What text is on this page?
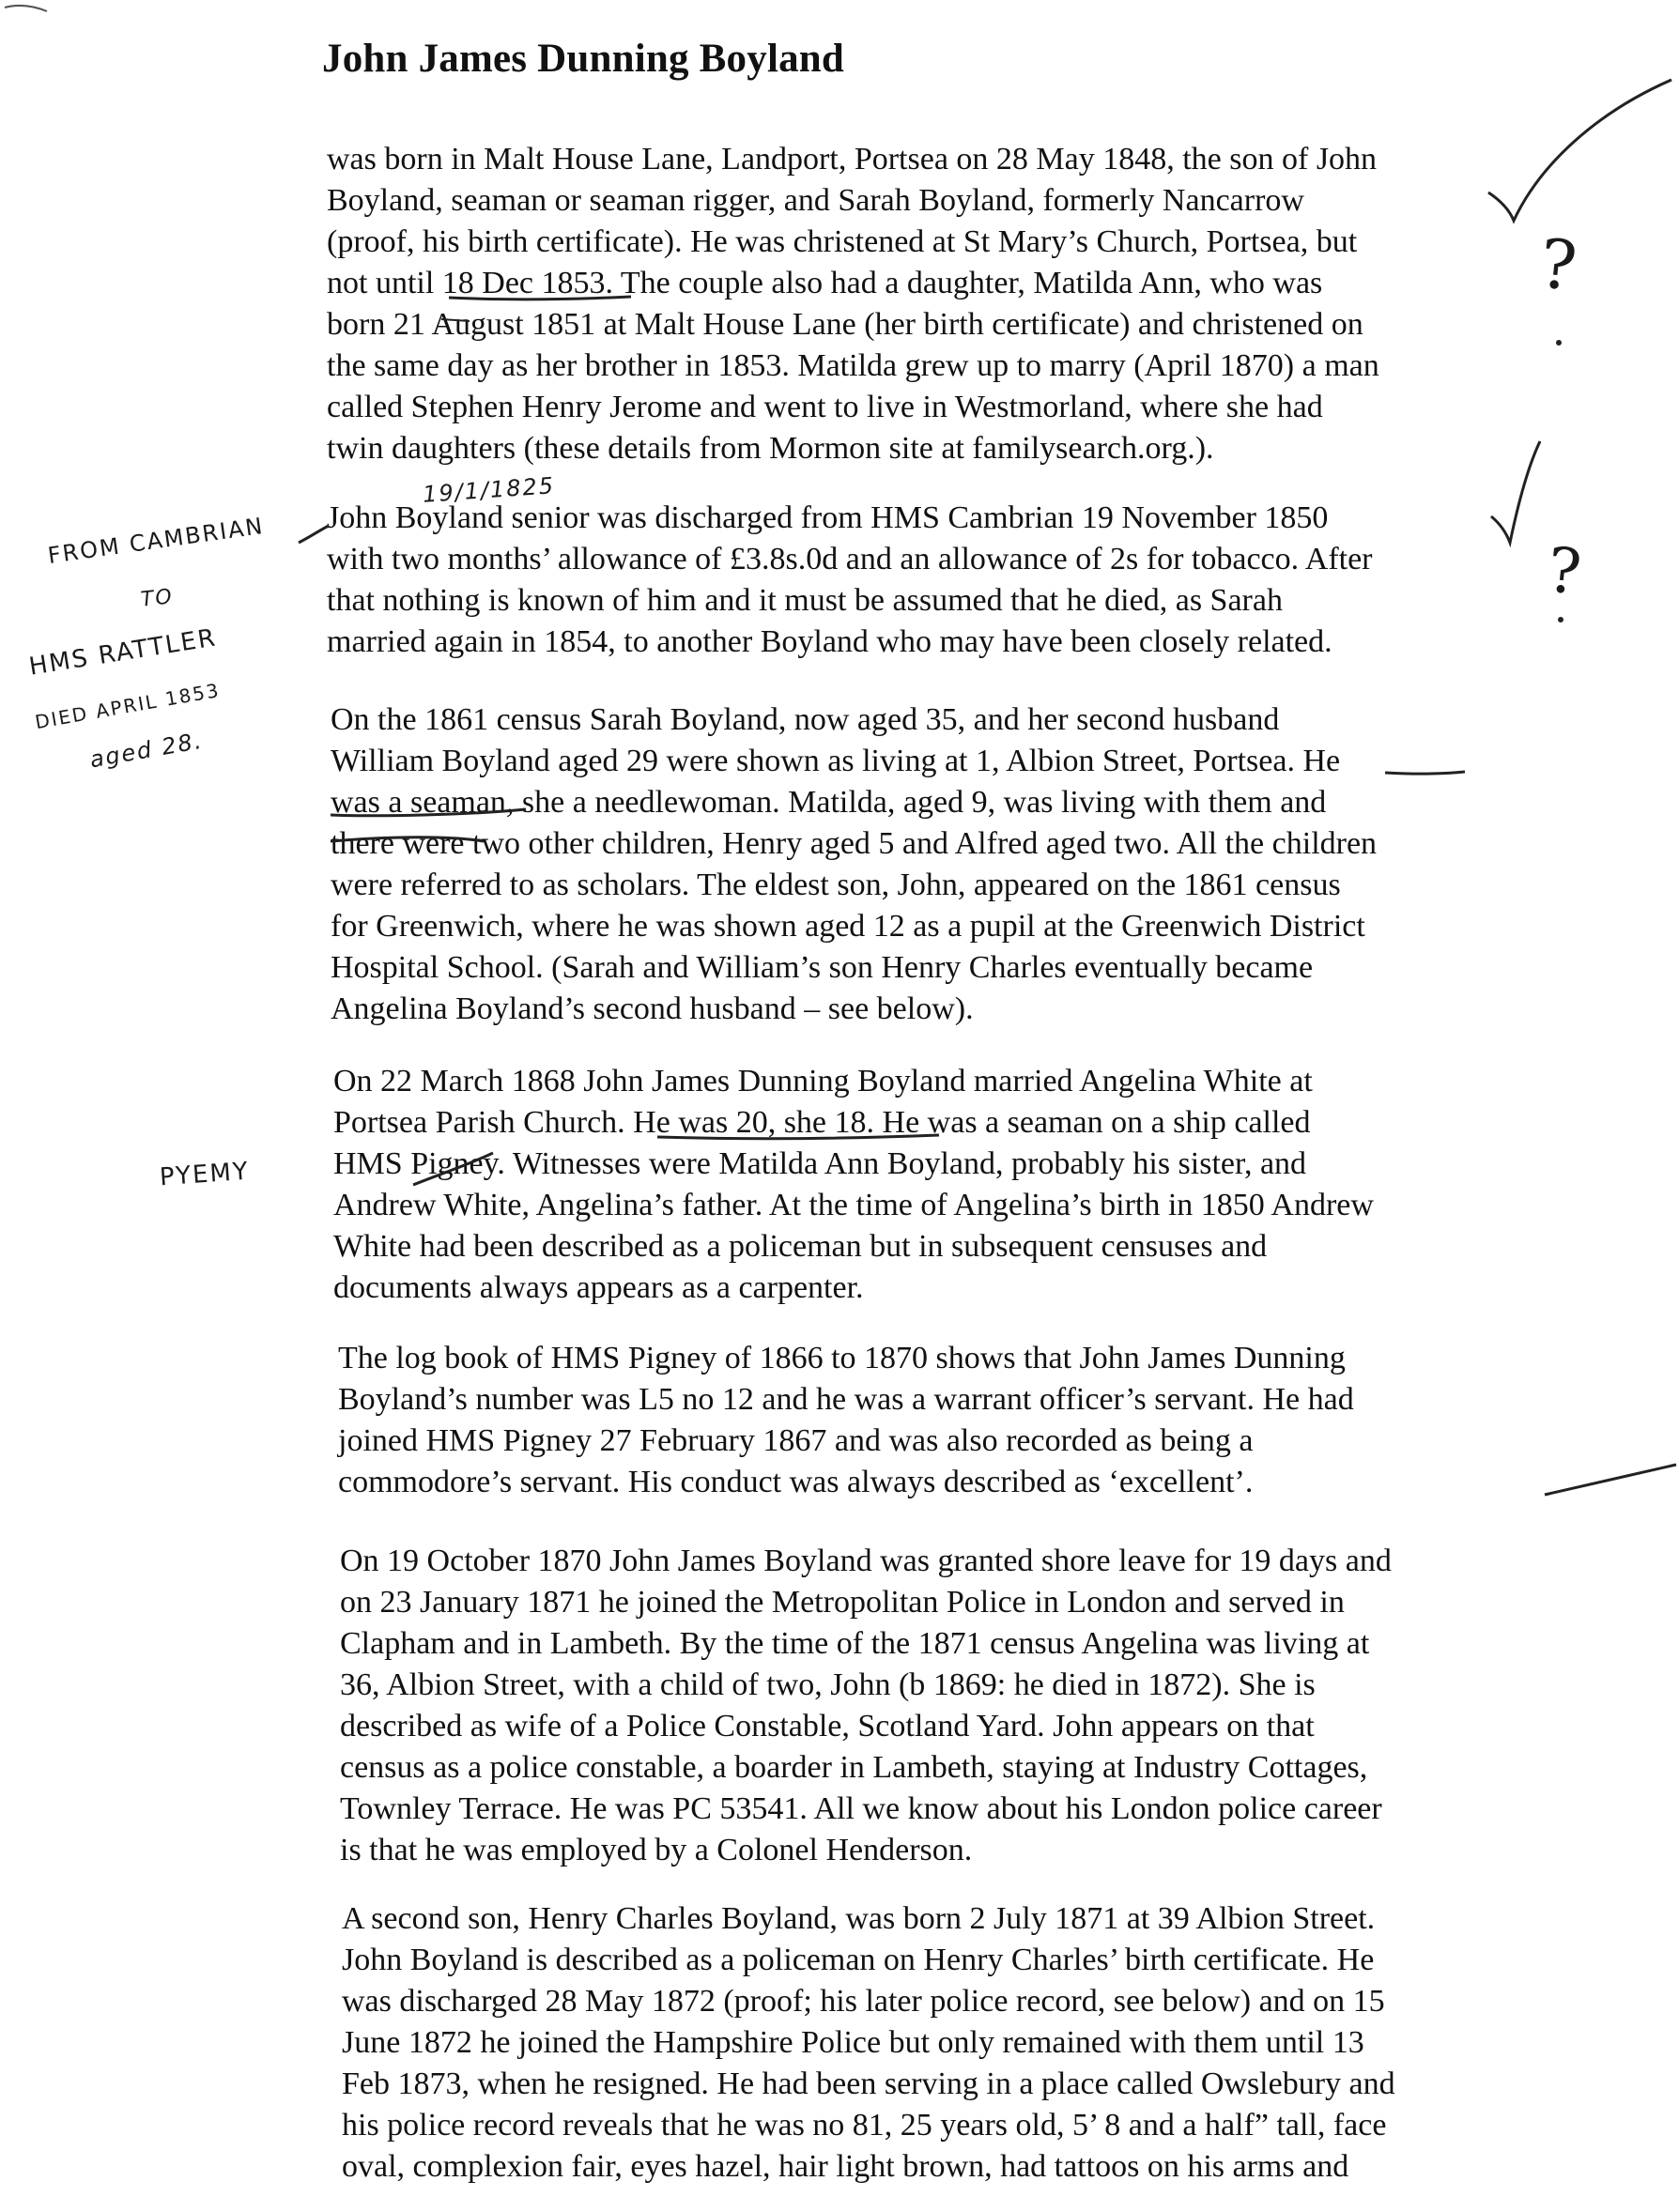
John James Dunning Boyland
was born in Malt House Lane, Landport, Portsea on 28 May 1848, the son of John
Boyland, seaman or seaman rigger, and Sarah Boyland, formerly Nancarrow
(proof, his birth certificate). He was christened at St Mary’s Church, Portsea, but
not until 18 Dec 1853. The couple also had a daughter, Matilda Ann, who was
born 21 August 1851 at Malt House Lane (her birth certificate) and christened on
the same day as her brother in 1853. Matilda grew up to marry (April 1870) a man
called Stephen Henry Jerome and went to live in Westmorland, where she had
twin daughters (these details from Mormon site at familysearch.org.).
John Boyland senior was discharged from HMS Cambrian 19 November 1850
with two months’ allowance of £3.8s.0d and an allowance of 2s for tobacco. After
that nothing is known of him and it must be assumed that he died, as Sarah
married again in 1854, to another Boyland who may have been closely related.
On the 1861 census Sarah Boyland, now aged 35, and her second husband
William Boyland aged 29 were shown as living at 1, Albion Street, Portsea. He
was a seaman, she a needlewoman. Matilda, aged 9, was living with them and
there were two other children, Henry aged 5 and Alfred aged two. All the children
were referred to as scholars. The eldest son, John, appeared on the 1861 census
for Greenwich, where he was shown aged 12 as a pupil at the Greenwich District
Hospital School. (Sarah and William’s son Henry Charles eventually became
Angelina Boyland’s second husband – see below).
On 22 March 1868 John James Dunning Boyland married Angelina White at
Portsea Parish Church. He was 20, she 18. He was a seaman on a ship called
HMS Pigney. Witnesses were Matilda Ann Boyland, probably his sister, and
Andrew White, Angelina’s father. At the time of Angelina’s birth in 1850 Andrew
White had been described as a policeman but in subsequent censuses and
documents always appears as a carpenter.
The log book of HMS Pigney of 1866 to 1870 shows that John James Dunning
Boyland’s number was L5 no 12 and he was a warrant officer’s servant. He had
joined HMS Pigney 27 February 1867 and was also recorded as being a
commodore’s servant. His conduct was always described as ‘excellent’.
On 19 October 1870 John James Boyland was granted shore leave for 19 days and
on 23 January 1871 he joined the Metropolitan Police in London and served in
Clapham and in Lambeth. By the time of the 1871 census Angelina was living at
36, Albion Street, with a child of two, John (b 1869: he died in 1872). She is
described as wife of a Police Constable, Scotland Yard. John appears on that
census as a police constable, a boarder in Lambeth, staying at Industry Cottages,
Townley Terrace. He was PC 53541. All we know about his London police career
is that he was employed by a Colonel Henderson.
A second son, Henry Charles Boyland, was born 2 July 1871 at 39 Albion Street.
John Boyland is described as a policeman on Henry Charles’ birth certificate. He
was discharged 28 May 1872 (proof; his later police record, see below) and on 15
June 1872 he joined the Hampshire Police but only remained with them until 13
Feb 1873, when he resigned. He had been serving in a place called Owslebury and
his police record reveals that he was no 81, 25 years old, 5’ 8 and a half” tall, face
oval, complexion fair, eyes hazel, hair light brown, had tattoos on his arms and
FROM CAMBRIAN
TO
HMS RATTLER
DIED APRIL 1853
aged 28.
19/1/1825
PYEMY
?
?
